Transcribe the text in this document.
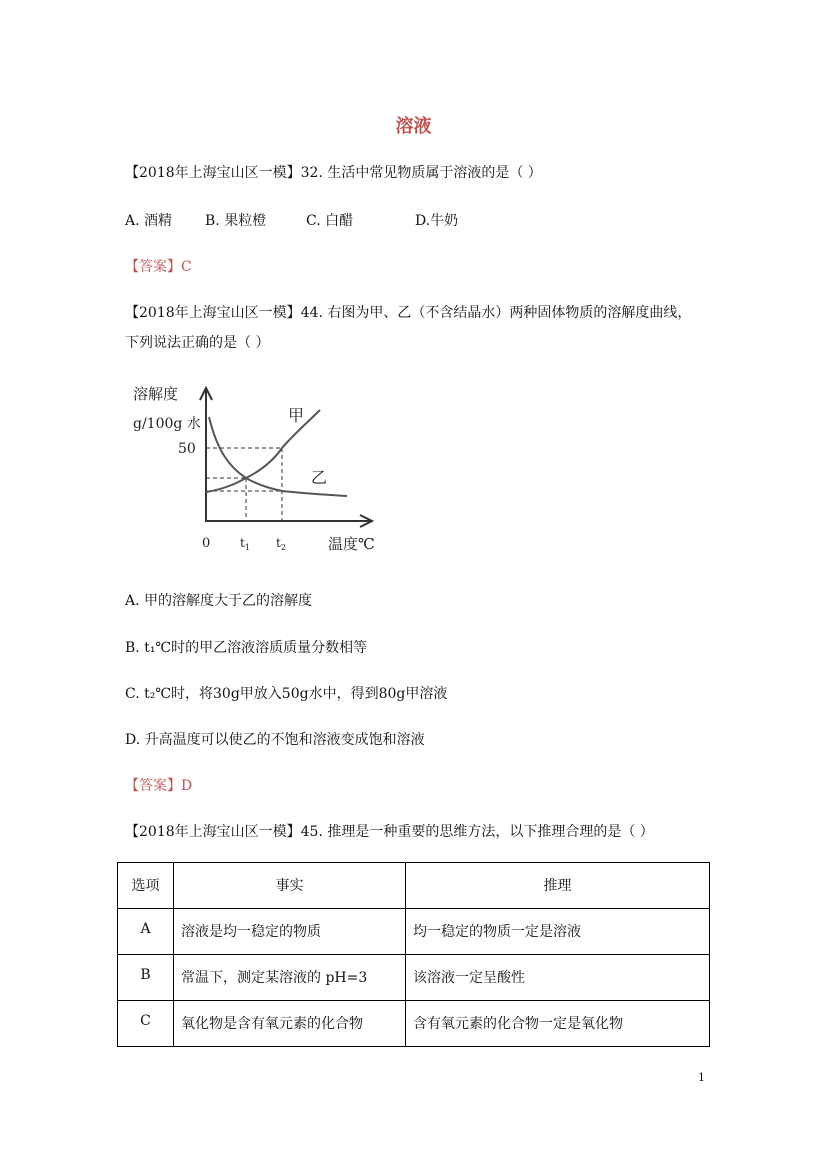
溶液
【2018年上海宝山区一模】32. 生活中常见物质属于溶液的是（ ）
A. 酒精 B. 果粒橙	C. 白醋	D.牛奶
【答案】C
【2018年上海宝山区一模】44. 右图为甲、乙（不含结晶水）两种固体物质的溶解度曲线，
下列说法正确的是（ ）
溶解度
g/100g 水
50
甲
乙
0 $t_1$ $t_2$	温度℃
A. 甲的溶解度大于乙的溶解度
B. t₁℃时的甲乙溶液溶质质量分数相等
C. t₂℃时，将30g甲放入50g水中，得到80g甲溶液
D. 升高温度可以使乙的不饱和溶液变成饱和溶液
【答案】D
【2018年上海宝山区一模】45. 推理是一种重要的思维方法，以下推理合理的是（ ）
选项	事实	推理
A	溶液是均一稳定的物质	均一稳定的物质一定是溶液
B	常温下，测定某溶液的 pH=3	该溶液一定呈酸性
C	氧化物是含有氧元素的化合物	含有氧元素的化合物一定是氧化物
1
